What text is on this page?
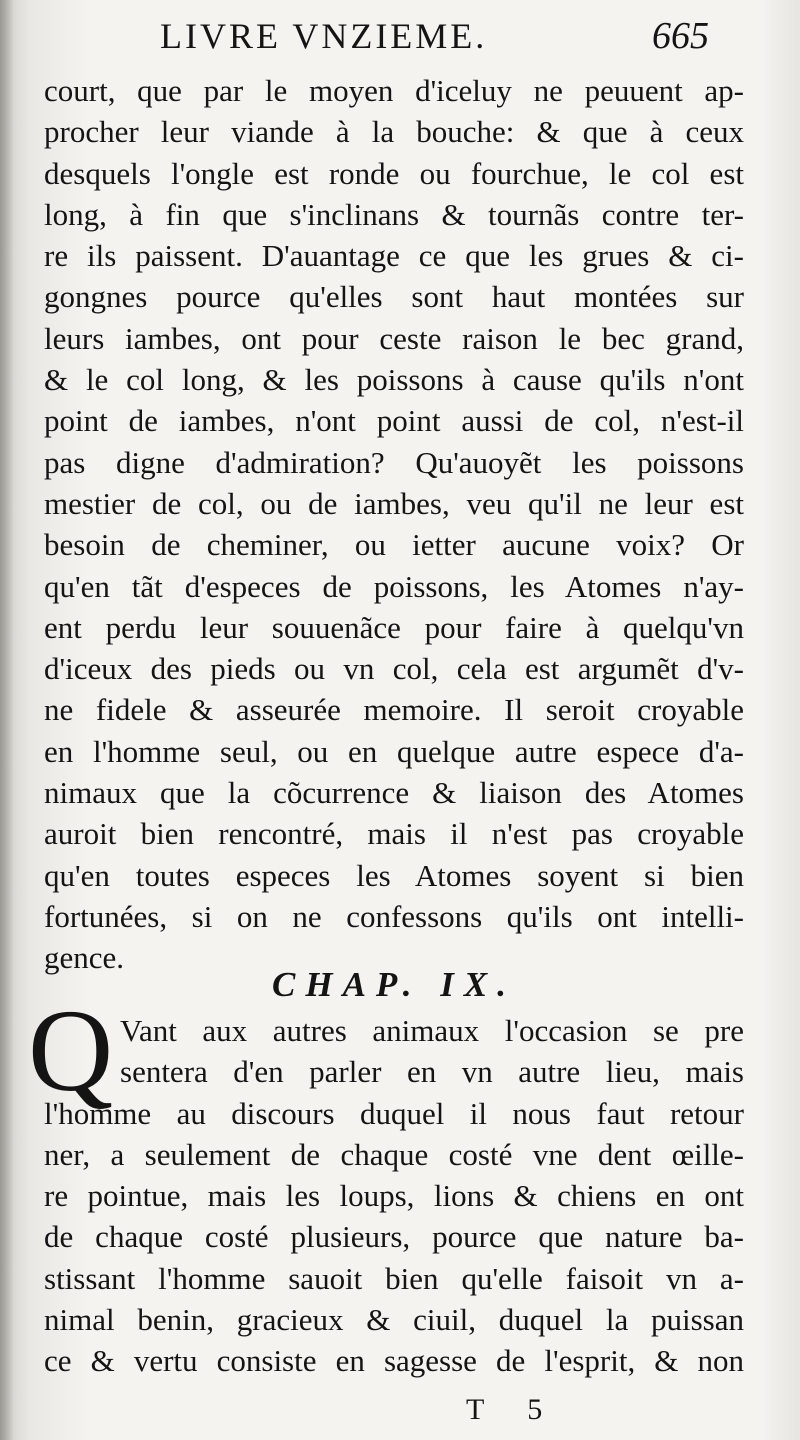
LIVRE VNZIEME.	665
court, que par le moyen d'iceluy ne peuuent ap-
procher leur viande à la bouche: & que à ceux
desquels l'ongle est ronde ou fourchue, le col est
long, à fin que s'inclinans & tournãs contre ter-
re ils paissent. D'auantage ce que les grues & ci-
gongnes pource qu'elles sont haut montées sur
leurs iambes, ont pour ceste raison le bec grand,
& le col long, & les poissons à cause qu'ils n'ont
point de iambes, n'ont point aussi de col, n'est-il
pas digne d'admiration? Qu'auoyẽt les poissons
mestier de col, ou de iambes, veu qu'il ne leur est
besoin de cheminer, ou ietter aucune voix? Or
qu'en tãt d'especes de poissons, les Atomes n'ay-
ent perdu leur souuenãce pour faire à quelqu'vn
d'iceux des pieds ou vn col, cela est argumẽt d'v-
ne fidele & asseurée memoire. Il seroit croyable
en l'homme seul, ou en quelque autre espece d'a-
nimaux que la cõcurrence & liaison des Atomes
auroit bien rencontré, mais il n'est pas croyable
qu'en toutes especes les Atomes soyent si bien
fortunées, si on ne confessons qu'ils ont intelli-
gence.
CHAP. IX.
Q Vant aux autres animaux l'occasion se pre
sentera d'en parler en vn autre lieu, mais
l'homme au discours duquel il nous faut retour
ner, a seulement de chaque costé vne dent œille-
re pointue, mais les loups, lions & chiens en ont
de chaque costé plusieurs, pource que nature ba-
stissant l'homme sauoit bien qu'elle faisoit vn a-
nimal benin, gracieux & ciuil, duquel la puissan
ce & vertu consiste en sagesse de l'esprit, & non
T 5
